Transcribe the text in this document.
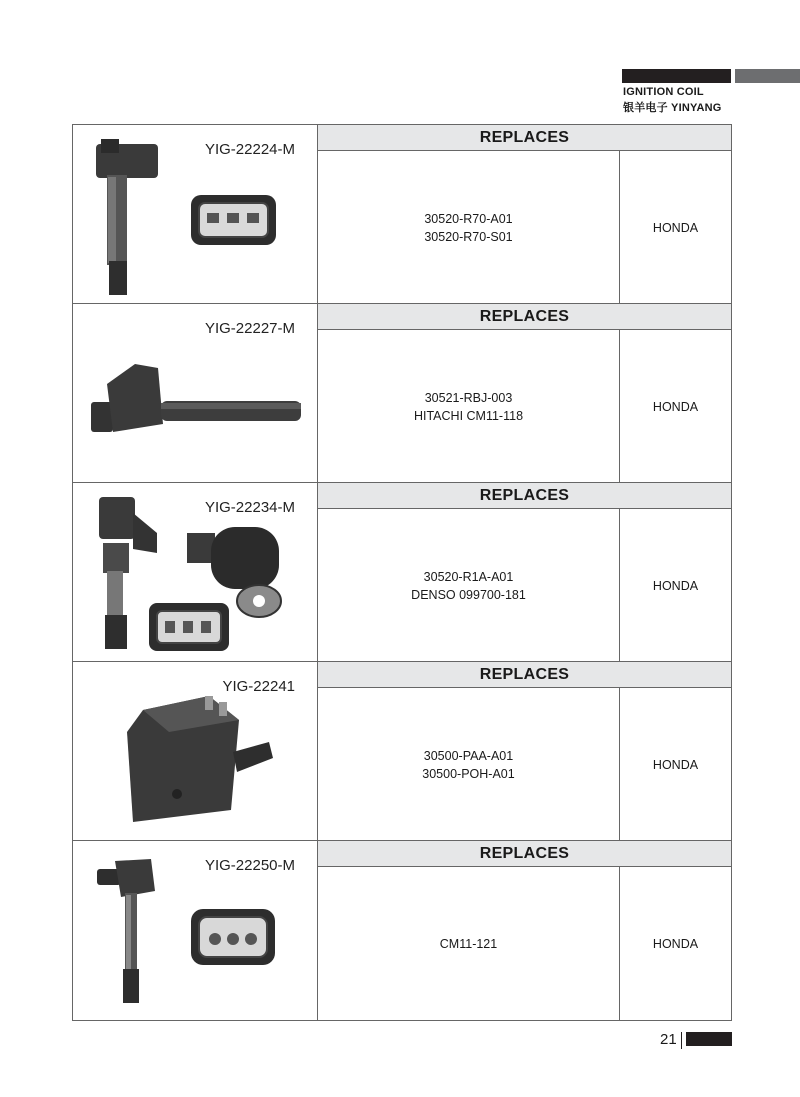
IGNITION COIL
银羊电子 YINYANG
YIG-22224-M
REPLACES
30520-R70-A01
30520-R70-S01
HONDA
YIG-22227-M
REPLACES
30521-RBJ-003
HITACHI CM11-118
HONDA
YIG-22234-M
REPLACES
30520-R1A-A01
DENSO 099700-181
HONDA
YIG-22241
REPLACES
30500-PAA-A01
30500-POH-A01
HONDA
YIG-22250-M
REPLACES
CM11-121	HONDA
21
